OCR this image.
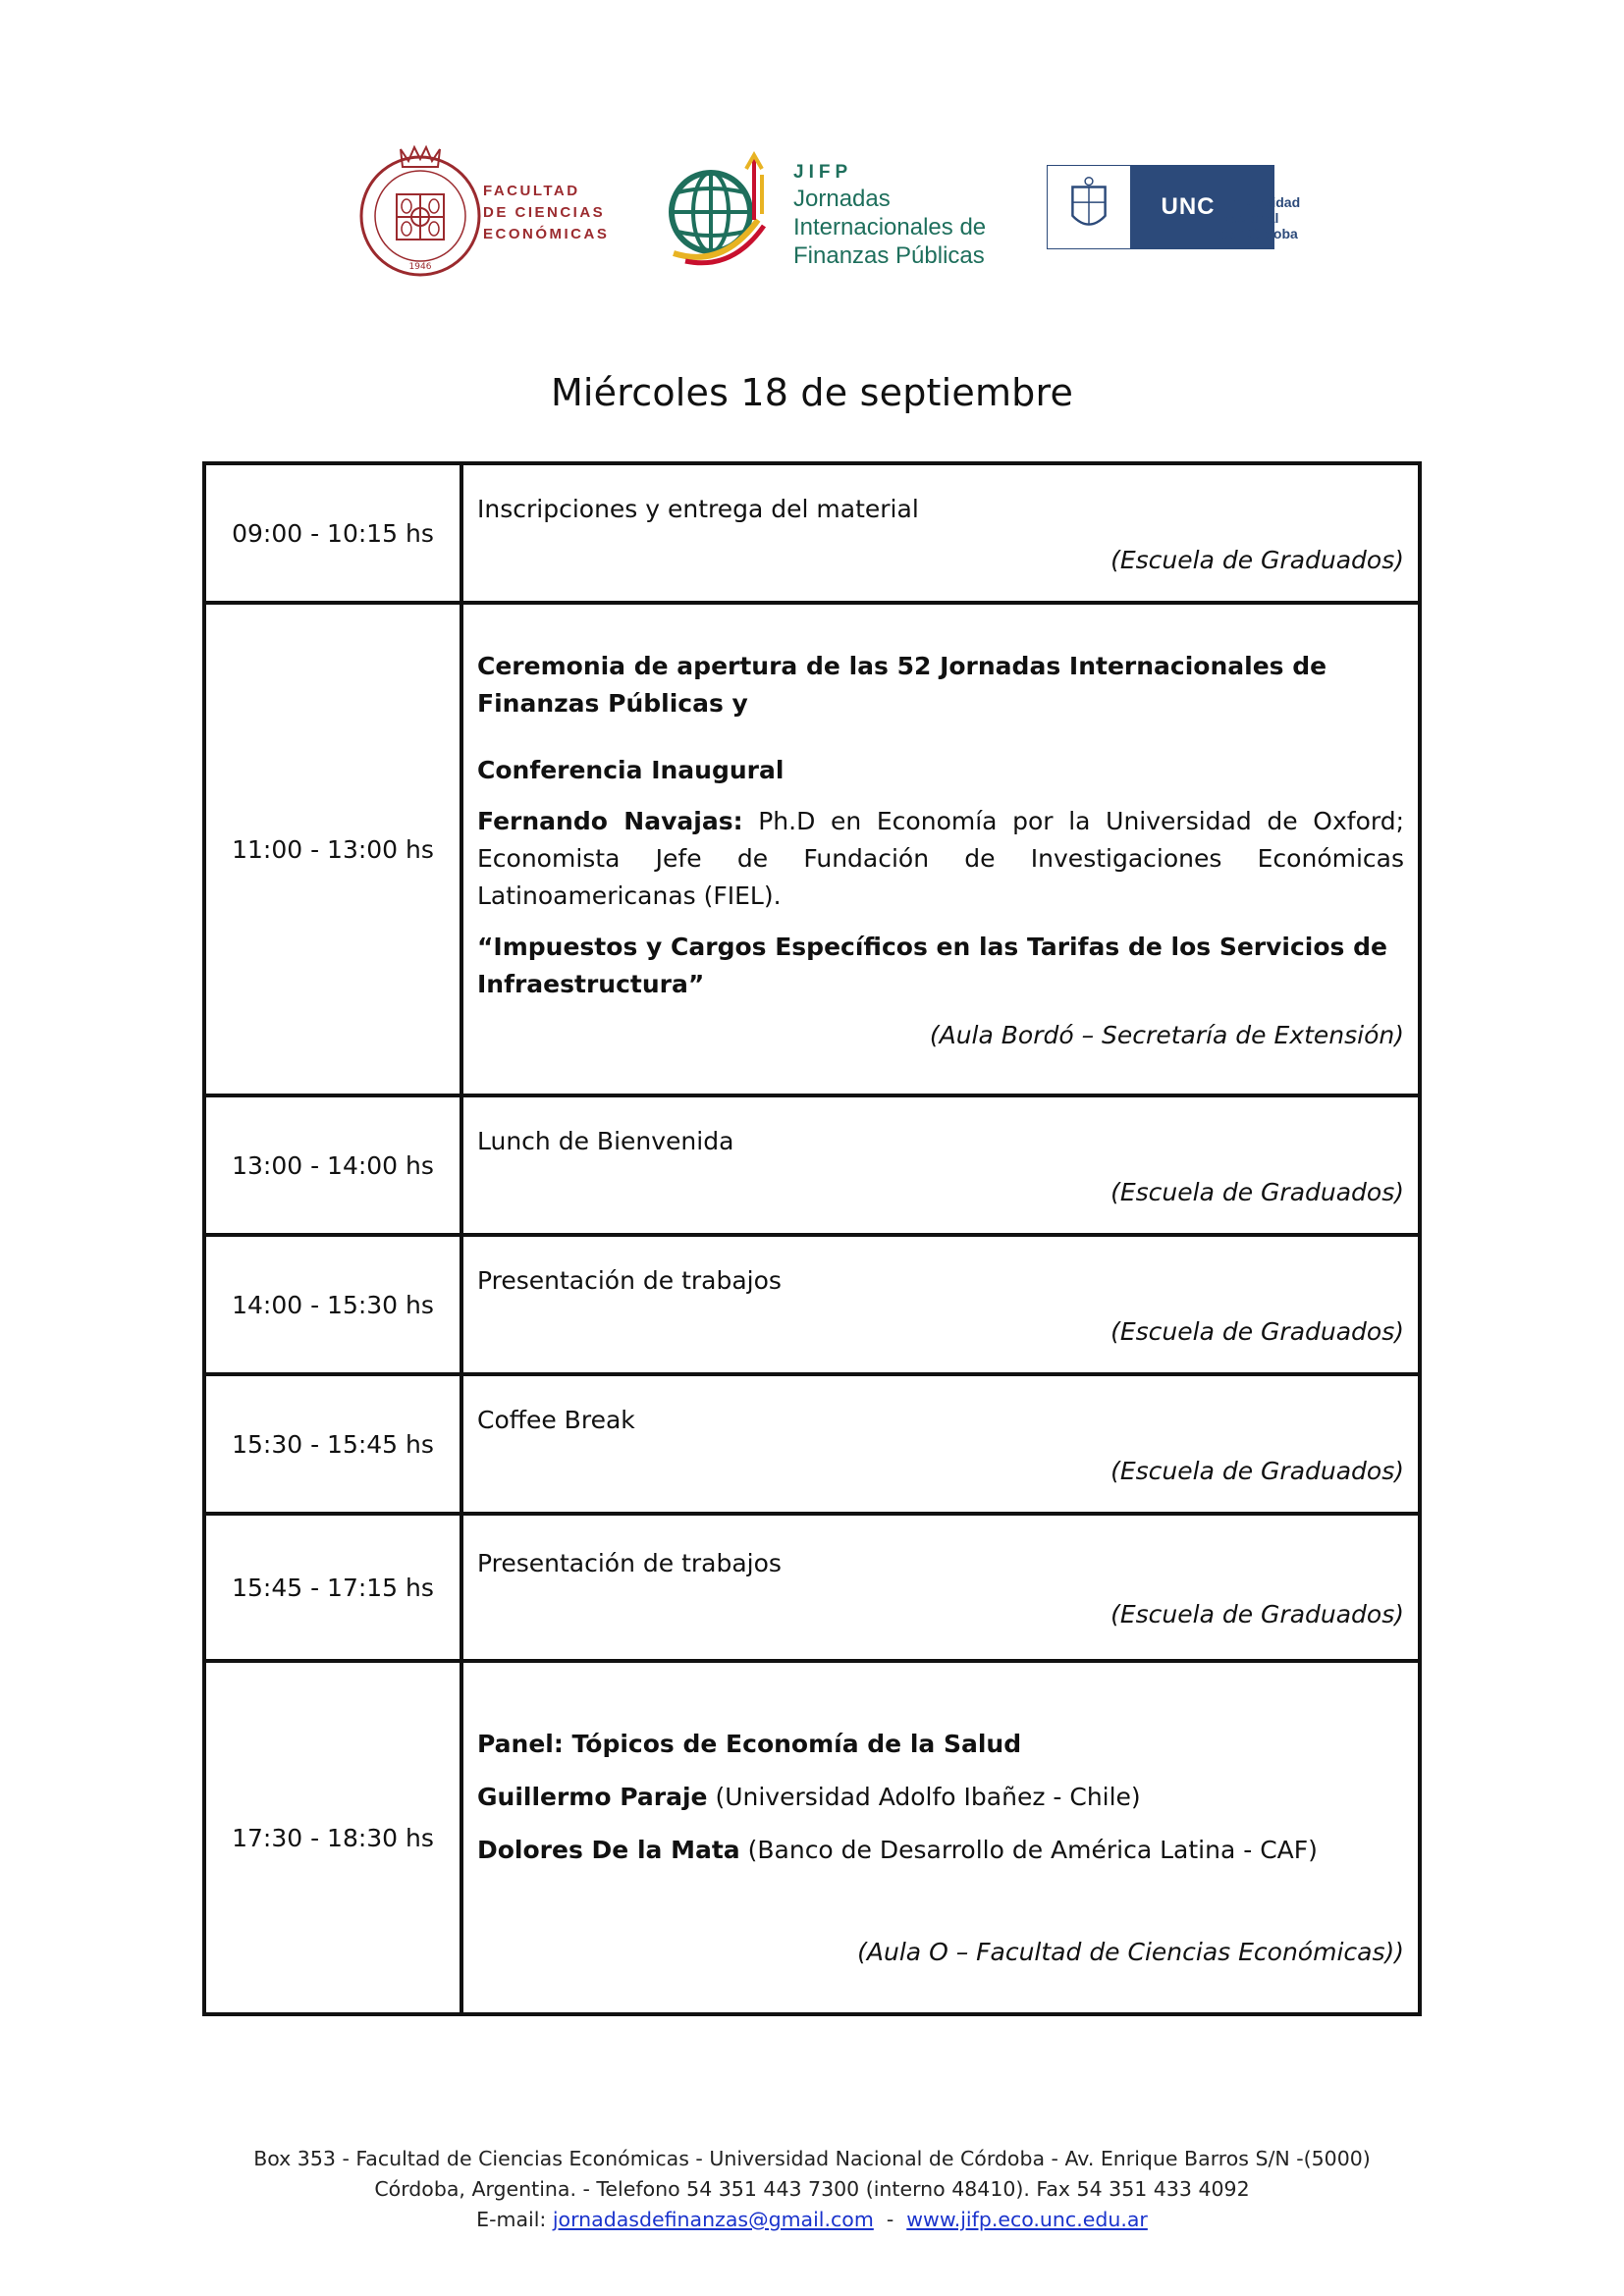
1946
FACULTAD
DE CIENCIAS
ECONÓMICAS
JIFP
Jornadas
Internacionales de
Finanzas Públicas
UNC Universidad
Nacional
de Córdoba
Miércoles 18 de septiembre
09:00 - 10:15 hs	Inscripciones y entrega del material
(Escuela de Graduados)

11:00 - 13:00 hs	Ceremonia de apertura de las 52 Jornadas Internacionales de Finanzas Públicas y
Conferencia Inaugural
Fernando Navajas: Ph.D en Economía por la Universidad de Oxford; Economista Jefe de Fundación de Investigaciones Económicas Latinoamericanas (FIEL).
“Impuestos y Cargos Específicos en las Tarifas de los Servicios de Infraestructura”
(Aula Bordó – Secretaría de Extensión)

13:00 - 14:00 hs	Lunch de Bienvenida
(Escuela de Graduados)

14:00 - 15:30 hs	Presentación de trabajos
(Escuela de Graduados)

15:30 - 15:45 hs	Coffee Break
(Escuela de Graduados)

15:45 - 17:15 hs	Presentación de trabajos
(Escuela de Graduados)

17:30 - 18:30 hs	Panel: Tópicos de Economía de la Salud
Guillermo Paraje (Universidad Adolfo Ibañez - Chile)
Dolores De la Mata (Banco de Desarrollo de América Latina - CAF)
(Aula O – Facultad de Ciencias Económicas))
Box 353 - Facultad de Ciencias Económicas - Universidad Nacional de Córdoba - Av. Enrique Barros S/N -(5000)
Córdoba, Argentina. - Telefono 54 351 443 7300 (interno 48410). Fax 54 351 433 4092
E-mail: jornadasdefinanzas@gmail.com  -  www.jifp.eco.unc.edu.ar
